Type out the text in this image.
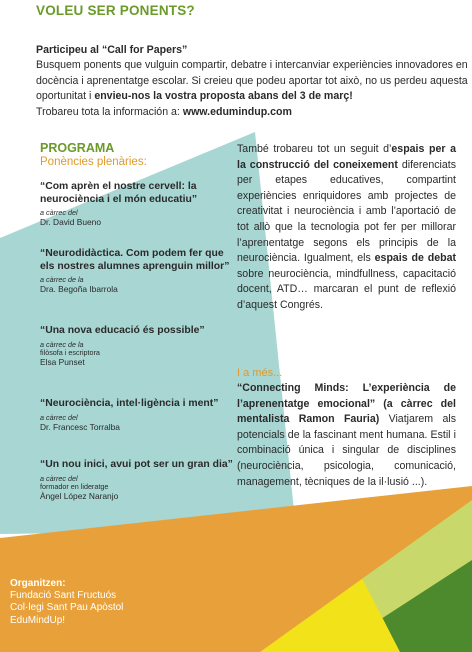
VOLEU SER PONENTS?
Participeu al “Call for Papers”
Busquem ponents que vulguin compartir, debatre i intercanviar experiències innovadores en docència i aprenentatge escolar. Si creieu que podeu aportar tot això, no us perdeu aquesta oportunitat i envieu-nos la vostra proposta abans del 3 de març!
Trobareu tota la información a: www.edumindup.com
PROGRAMA
Ponències plenàries:
“Com aprèn el nostre cervell: la neurociència i el món educatiu”
a càrrec del
Dr. David Bueno
“Neurodidàctica. Com podem fer que els nostres alumnes aprenguin millor”
a càrrec de la
Dra. Begoña Ibarrola
“Una nova educació és possible”
a càrrec de la
filòsofa i escriptora
Elsa Punset
“Neurociència, intel·ligència i ment”
a càrrec del
Dr. Francesc Torralba
“Un nou inici, avui pot ser un gran dia”
a càrrec del
formador en lideratge
Àngel López Naranjo
També trobareu tot un seguit d’espais per a la construcció del coneixement diferenciats per etapes educatives, compartint experiències enriquidores amb projectes de creativitat i neurociència i amb l’aportació de tot allò que la tecnologia pot fer per millorar l’aprenentatge segons els principis de la neurociència. Igualment, els espais de debat sobre neurociència, mindfullness, capacitació docent, ATD… marcaran el punt de reflexió d’aquest Congrés.
I a més...
“Connecting Minds: L’experiència de l’aprenentatge emocional” (a càrrec del mentalista Ramon Fauria) Viatjarem als potencials de la fascinant ment humana. Estil i combinació única i singular de disciplines (neurociència, psicologia, comunicació, management, tècniques de la il·lusió ...).
Organitzen:
Fundació Sant Fructuós
Col·legi Sant Pau Apòstol
EduMindUp!
